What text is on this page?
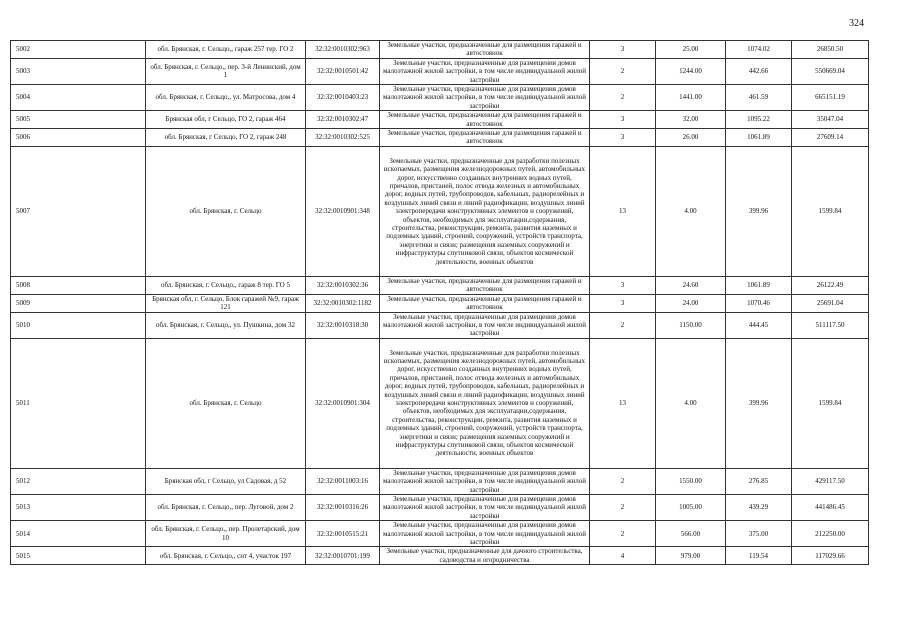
324
5002	обл. Брянская, г. Сельцо,, гараж 257 тер. ГО 2	32:32:0010302:963	Земельные участки, предназначенные для размещения гаражей и автостоянок	3	25.00	1074.02	26850.50
5003	обл. Брянская, г. Сельцо,, пер. 3-й Ленинский, дом 1	32:32:0010501:42	Земельные участки, предназначенные для размещения домов малоэтажной жилой застройки, в том числе индивидуальной жилой застройки	2	1244.00	442.66	550669.04
5004	обл. Брянская, г. Сельцо,, ул. Матросова, дом 4	32:32:0010403:23	Земельные участки, предназначенные для размещения домов малоэтажной жилой застройки, в том числе индивидуальной жилой застройки	2	1441.00	461.59	665151.19
5005	Брянская обл, г Сельцо, ГО 2, гараж 464	32:32:0010302:47	Земельные участки, предназначенные для размещения гаражей и автостоянок	3	32.00	1095.22	35047.04
5006	обл. Брянская, г Сельцо, ГО 2, гараж 248	32:32:0010302:525	Земельные участки, предназначенные для размещения гаражей и автостоянок	3	26.00	1061.89	27609.14
5007	обл. Брянская, г. Сельцо	32:32:0010901:348	Земельные участки, предназначенные для разработки полезных ископаемых, размещения железнодорожных путей, автомобильных дорог, искусственно созданных внутренних водных путей, причалов, пристаней, полос отвода железных и автомобильных дорог, водных путей, трубопроводов, кабельных, радиорелейных и воздушных линий связи и линий радиофикации, воздушных линий электропередачи конструктивных элементов и сооружений, объектов, необходимых для эксплуатации,содержания, строительства, реконструкции, ремонта, развития наземных и подземных зданий, строений, сооружений, устройств транспорта, энергетики и связи; размещения наземных сооружений и инфраструктуры спутниковой связи, объектов космической деятельности, военных объектов	13	4.00	399.96	1599.84
5008	обл. Брянская, г. Сельцо,, гараж 8 тер. ГО 5	32:32:0010302:36	Земельные участки, предназначенные для размещения гаражей и автостоянок	3	24.60	1061.89	26122.49
5009	Брянская обл, г. Сельцо, Блок гаражей №9, гараж 121	32:32:0010302:1182	Земельные участки, предназначенные для размещения гаражей и автостоянок	3	24.00	1070.46	25691.04
5010	обл. Брянская, г. Сельцо,, ул. Пушкина, дом 32	32:32:0010318:30	Земельные участки, предназначенные для размещения домов малоэтажной жилой застройки, в том числе индивидуальной жилой застройки	2	1150.00	444.45	511117.50
5011	обл. Брянская, г. Сельцо	32:32:0010901:304	Земельные участки, предназначенные для разработки полезных ископаемых, размещения железнодорожных путей, автомобильных дорог, искусственно созданных внутренних водных путей, причалов, пристаней, полос отвода железных и автомобильных дорог, водных путей, трубопроводов, кабельных, радиорелейных и воздушных линий связи и линий радиофикации, воздушных линий электропередачи конструктивных элементов и сооружений, объектов, необходимых для эксплуатации,содержания, строительства, реконструкции, ремонта, развития наземных и подземных зданий, строений, сооружений, устройств транспорта, энергетики и связи; размещения наземных сооружений и инфраструктуры спутниковой связи, объектов космической деятельности, военных объектов	13	4.00	399.96	1599.84
5012	Брянская обл, г Сельцо, ул Садовая, д 52	32:32:0011003:16	Земельные участки, предназначенные для размещения домов малоэтажной жилой застройки, в том числе индивидуальной жилой застройки	2	1550.00	276.85	429117.50
5013	обл. Брянская, г. Сельцо,, пер. Луговой, дом 2	32:32:0010316:26	Земельные участки, предназначенные для размещения домов малоэтажной жилой застройки, в том числе индивидуальной жилой застройки	2	1005.00	439.29	441486.45
5014	обл. Брянская, г. Сельцо,, пер. Пролетарский, дом 10	32:32:0010515:21	Земельные участки, предназначенные для размещения домов малоэтажной жилой застройки, в том числе индивидуальной жилой застройки	2	566.00	375.00	212250.00
5015	обл. Брянская, г. Сельцо,, снт 4, участок 197	32:32:0010701:199	Земельные участки, предназначенные для дачного строительства, садоводства и огородничества	4	979.00	119.54	117029.66
